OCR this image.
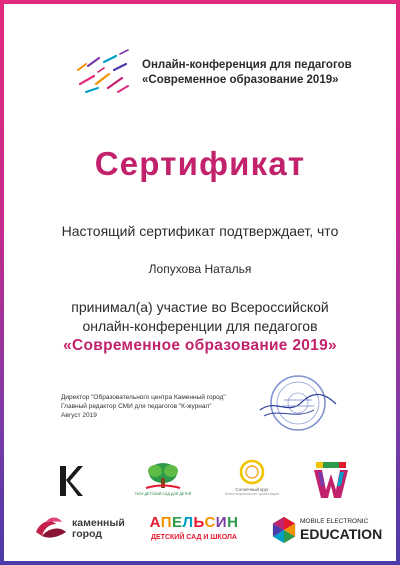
Онлайн-конференция для педагогов
«Современное образование 2019»
Сертификат
Настоящий сертификат подтверждает, что
Лопухова Наталья
принимал(а) участие во Всероссийской
онлайн-конференции для педагогов
«Современное образование 2019»
Директор "Образовательного центра Каменный город"
Главный редактор СМИ для педагогов "К-журнал"
Август 2019
ГКОУ ДЕТСКИЙ САД ДЛЯ ДЕТЕЙ
Солнечный круг
благотворительная организация
каменный
город
АПЕЛЬСИН
ДЕТСКИЙ САД И ШКОЛА
MOBILE ELECTRONIC
EDUCATION
